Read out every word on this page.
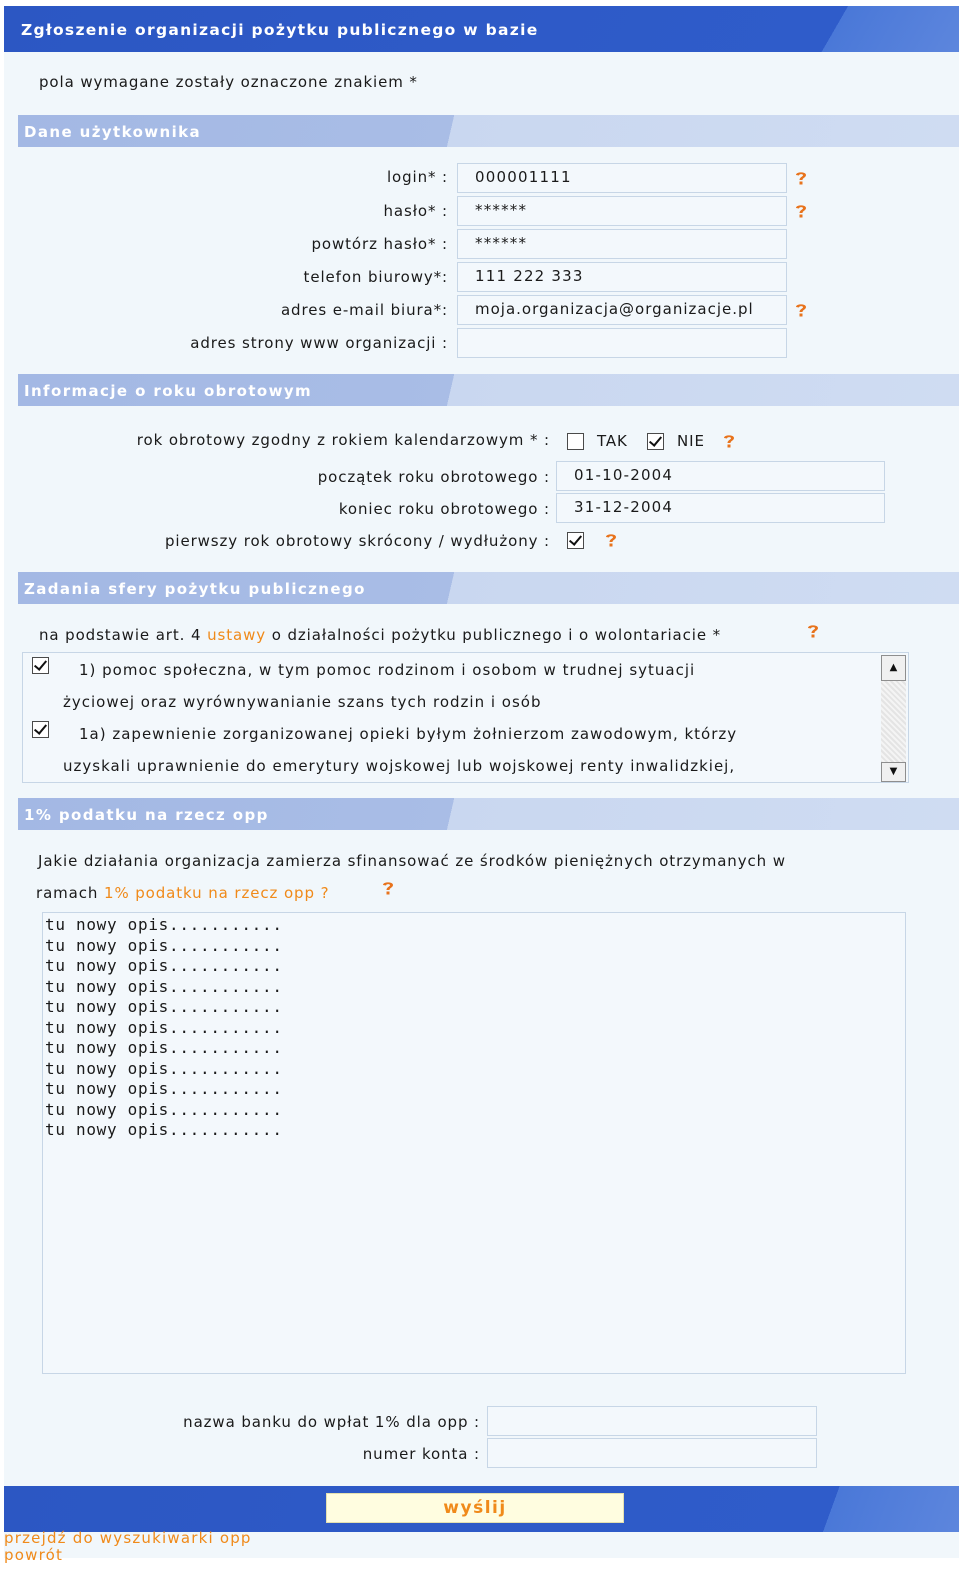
Zgłoszenie organizacji pożytku publicznego w bazie
pola wymagane zostały oznaczone znakiem *
Dane użytkownika
login* :	000001111
hasło* :	******
powtórz hasło* :	******
telefon biurowy*:	111 222 333
adres e-mail biura*:	moja.organizacja@organizacje.pl
adres strony www organizacji :
Informacje o roku obrotowym
rok obrotowy zgodny z rokiem kalendarzowym * :	TAK	NIE
początek roku obrotowego :	01-10-2004
koniec roku obrotowego :	31-12-2004
pierwszy rok obrotowy skrócony / wydłużony :
Zadania sfery pożytku publicznego
na podstawie art. 4 ustawy o działalności pożytku publicznego i o wolontariacie *
1) pomoc społeczna, w tym pomoc rodzinom i osobom w trudnej sytuacji
życiowej oraz wyrównywanianie szans tych rodzin i osób
1a) zapewnienie zorganizowanej opieki byłym żołnierzom zawodowym, którzy
uzyskali uprawnienie do emerytury wojskowej lub wojskowej renty inwalidzkiej,
▲
▼
1% podatku na rzecz opp
Jakie działania organizacja zamierza sfinansować ze środków pieniężnych otrzymanych w
ramach 1% podatku na rzecz opp ?
tu nowy opis...........
tu nowy opis...........
tu nowy opis...........
tu nowy opis...........
tu nowy opis...........
tu nowy opis...........
tu nowy opis...........
tu nowy opis...........
tu nowy opis...........
tu nowy opis...........
tu nowy opis...........
nazwa banku do wpłat 1% dla opp :
numer konta :
wyślij
przejdź do wyszukiwarki opp
powrót
